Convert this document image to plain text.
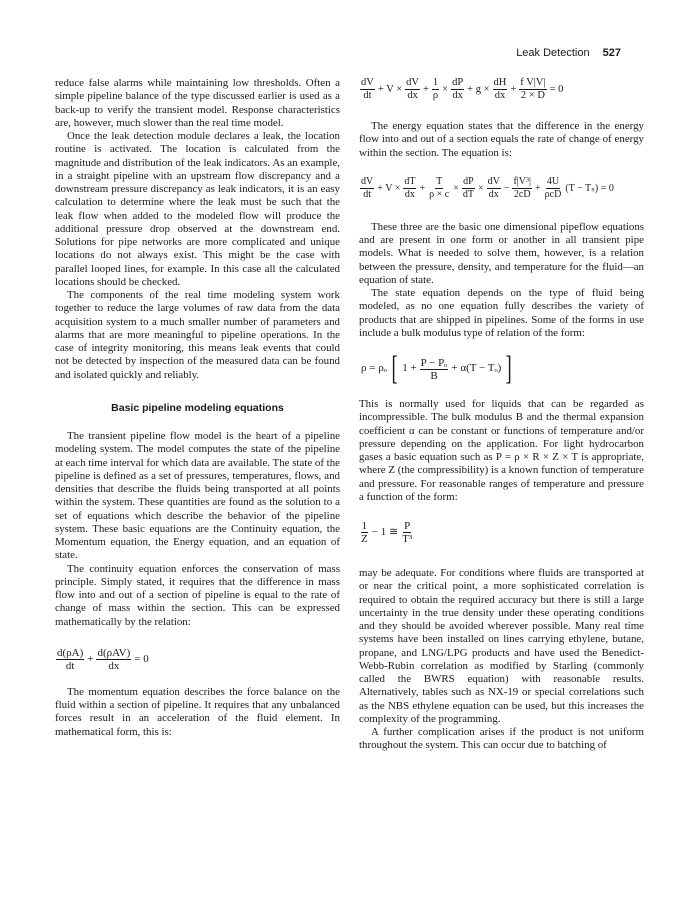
Leak Detection 527

reduce false alarms while maintaining low thresholds. Often a simple pipeline balance of the type discussed earlier is used as a back-up to verify the transient model. Response characteristics are, however, much slower than the real time model.

Once the leak detection module declares a leak, the location routine is activated. The location is calculated from the magnitude and distribution of the leak indicators. As an example, in a straight pipeline with an upstream flow discrepancy and a downstream pressure discrepancy as leak indicators, it is an easy calculation to determine where the leak must be such that the leak flow when added to the modeled flow will produce the additional pressure drop observed at the downstream end. Solutions for pipe networks are more complicated and unique locations do not always exist. This might be the case with parallel looped lines, for example. In this case all the calculated locations should be checked.

The components of the real time modeling system work together to reduce the large volumes of raw data from the data acquisition system to a much smaller number of parameters and alarms that are more meaningful to pipeline operations. In the case of integrity monitoring, this means leak events that could not be detected by inspection of the measured data can be found and isolated quickly and reliably.

Basic pipeline modeling equations

The transient pipeline flow model is the heart of a pipeline modeling system. The model computes the state of the pipeline at each time interval for which data are available. The state of the pipeline is defined as a set of pressures, temperatures, flows, and densities that describe the fluids being transported at all points within the system. These quantities are found as the solution to a set of equations which describe the behavior of the pipeline system. These basic equations are the Continuity equation, the Momentum equation, the Energy equation, and an equation of state.

The continuity equation enforces the conservation of mass principle. Simply stated, it requires that the difference in mass flow into and out of a section of pipeline is equal to the rate of change of mass within the section. This can be expressed mathematically by the relation:

$\frac{d(\rho A)}{dt} + \frac{\text{d(ρAV)}}{dx} = 0$

The momentum equation describes the force balance on the fluid within a section of pipeline. It requires that any unbalanced forces result in an acceleration of the fluid element. In mathematical form, this is:

$\frac{dV}{dt} + V \times \frac{dV}{dx} + \frac{1}{\rho} \times \frac{dP}{dx} + g \times \frac{dH}{dx} + \frac{\text{f V|V|}}{2 \times D} = 0$

The energy equation states that the difference in the energy flow into and out of a section equals the rate of change of energy within the section. The equation is:

$\frac{dV}{dt} + V \times \frac{dT}{dx} + \frac{T}{\rho \times c} \times \frac{dP}{dT} \times \frac{dV}{dx} - \frac{\text{f|V³|}}{2cD} + \frac{4U}{\text{ρcD}} (T - T_s) = 0$

These three are the basic one dimensional pipeflow equations and are present in one form or another in all transient pipe models. What is needed to solve them, however, is a relation between the pressure, density, and temperature for the fluid—an equation of state.

The state equation depends on the type of fluid being modeled, as no one equation fully describes the variety of products that are shipped in pipelines. Some of the forms in use include a bulk modulus type of relation of the form:

ρ = ρₒ [ $1 + \frac{\text{P − Pₒ}}{B} + \alpha(T - T_o)$ ]

This is normally used for liquids that can be regarded as incompressible. The bulk modulus B and the thermal expansion coefficient α can be constant or functions of temperature and/or pressure depending on the application. For light hydrocarbon gases a basic equation such as P = ρ × R × Z × T is appropriate, where Z (the compressibility) is a known function of temperature and pressure. For reasonable ranges of temperature and pressure a function of the form:

$\frac{1}{Z} - 1$ ≅ $\frac{P}{\text{T³}}$

may be adequate. For conditions where fluids are transported at or near the critical point, a more sophisticated correlation is required to obtain the required accuracy but there is still a large uncertainty in the true density under these operating conditions and they should be avoided wherever possible. Many real time systems have been installed on lines carrying ethylene, butane, propane, and LNG/LPG products and have used the Benedict-Webb-Rubin correlation as modified by Starling (commonly called the BWRS equation) with reasonable results. Alternatively, tables such as NX-19 or special correlations such as the NBS ethylene equation can be used, but this increases the complexity of the programming.

A further complication arises if the product is not uniform throughout the system. This can occur due to batching of
